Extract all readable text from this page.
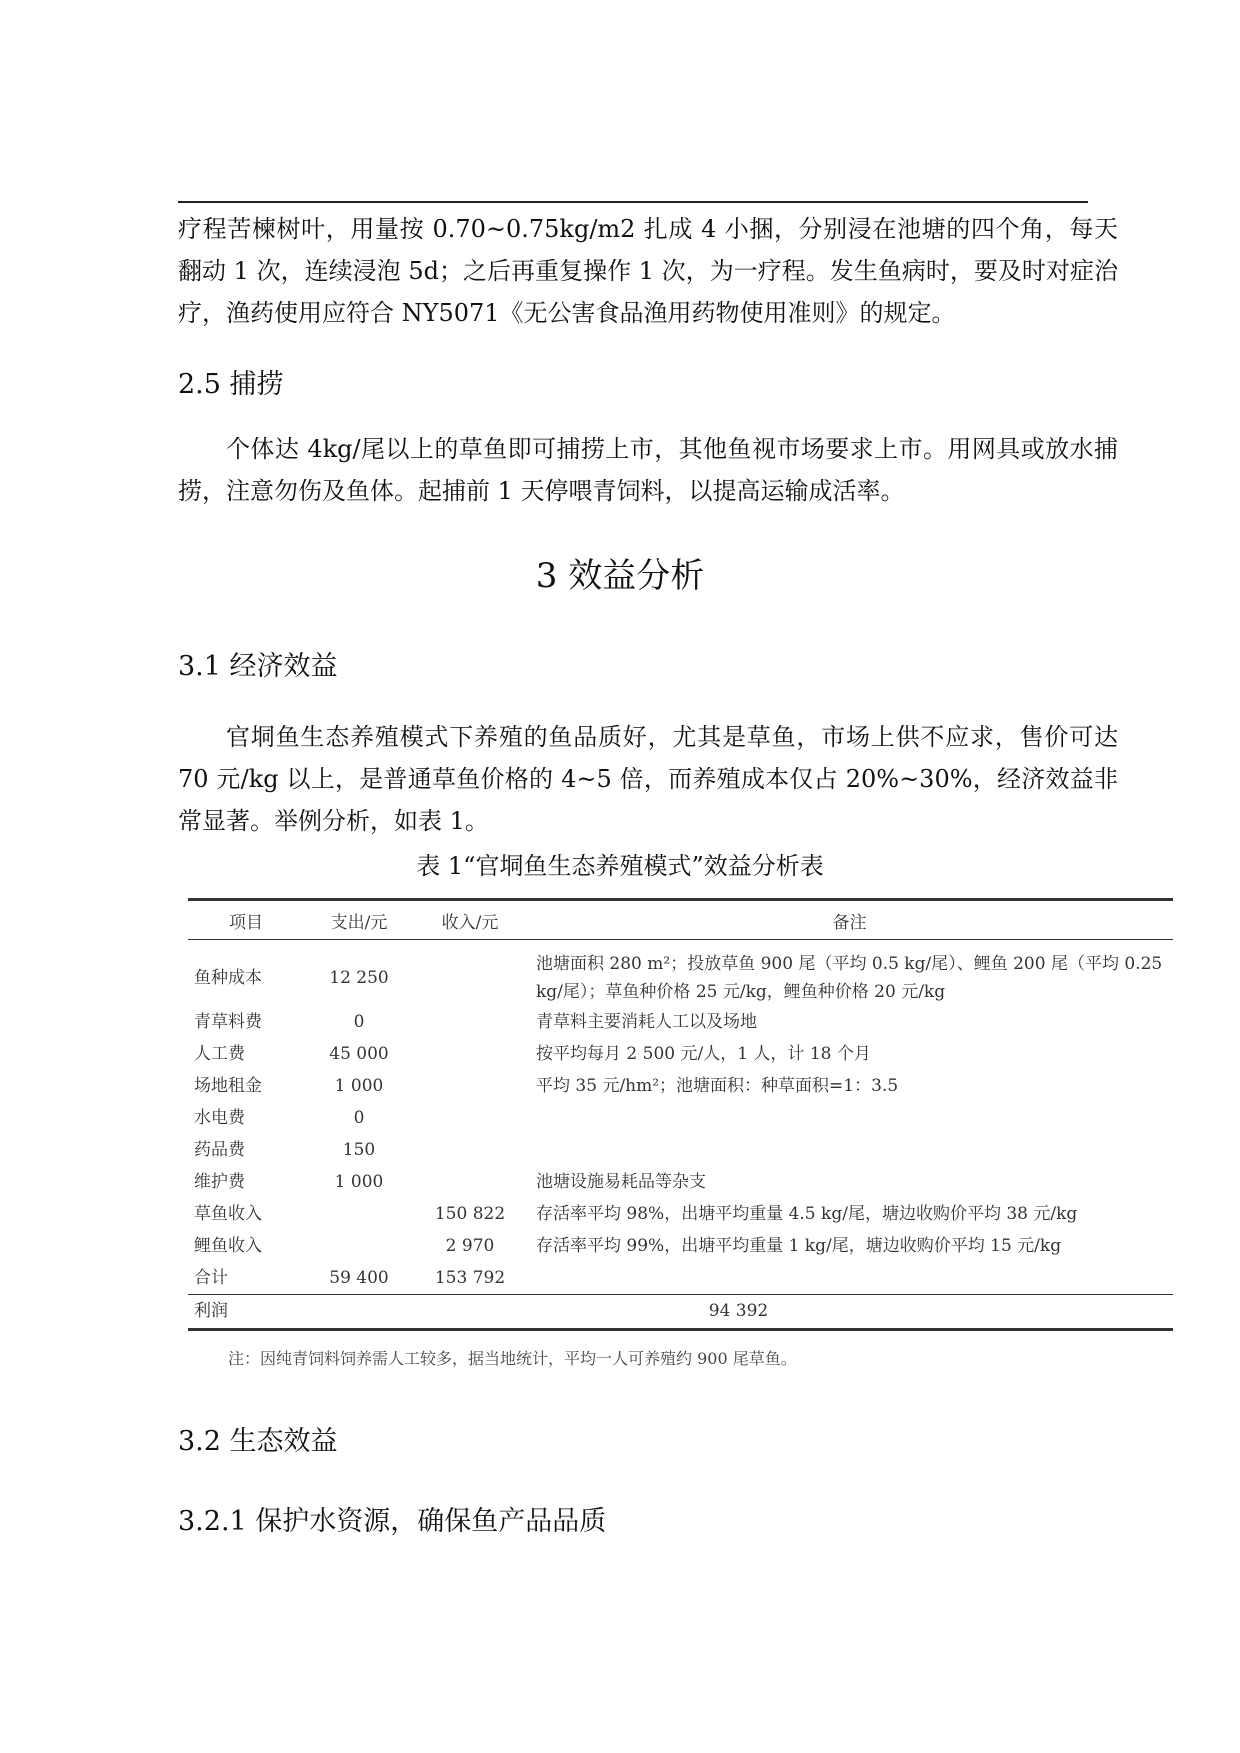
疗程苦楝树叶，用量按 0.70~0.75kg/m2 扎成 4 小捆，分别浸在池塘的四个角，每天翻动 1 次，连续浸泡 5d；之后再重复操作 1 次，为一疗程。发生鱼病时，要及时对症治疗，渔药使用应符合 NY5071《无公害食品渔用药物使用准则》的规定。

2.5 捕捞

个体达 4kg/尾以上的草鱼即可捕捞上市，其他鱼视市场要求上市。用网具或放水捕捞，注意勿伤及鱼体。起捕前 1 天停喂青饲料，以提高运输成活率。

3 效益分析
3.1 经济效益

官垌鱼生态养殖模式下养殖的鱼品质好，尤其是草鱼，市场上供不应求，售价可达 70 元/kg 以上，是普通草鱼价格的 4~5 倍，而养殖成本仅占 20%~30%，经济效益非常显著。举例分析，如表 1。

表 1“官垌鱼生态养殖模式”效益分析表

项目	支出/元	收入/元	备注
鱼种成本	12 250		池塘面积 280 m²；投放草鱼 900 尾（平均 0.5 kg/尾）、鲤鱼 200 尾（平均 0.25 kg/尾）；草鱼种价格 25 元/kg，鲤鱼种价格 20 元/kg
青草料费	0		青草料主要消耗人工以及场地
人工费	45 000		按平均每月 2 500 元/人，1 人，计 18 个月
场地租金	1 000		平均 35 元/hm²；池塘面积：种草面积=1：3.5
水电费	0		
药品费	150		
维护费	1 000		池塘设施易耗品等杂支
草鱼收入		150 822	存活率平均 98%，出塘平均重量 4.5 kg/尾，塘边收购价平均 38 元/kg
鲤鱼收入		2 970	存活率平均 99%，出塘平均重量 1 kg/尾，塘边收购价平均 15 元/kg
合计	59 400	153 792	
利润	94 392		

注：因纯青饲料饲养需人工较多，据当地统计，平均一人可养殖约 900 尾草鱼。

3.2 生态效益
3.2.1 保护水资源，确保鱼产品品质
